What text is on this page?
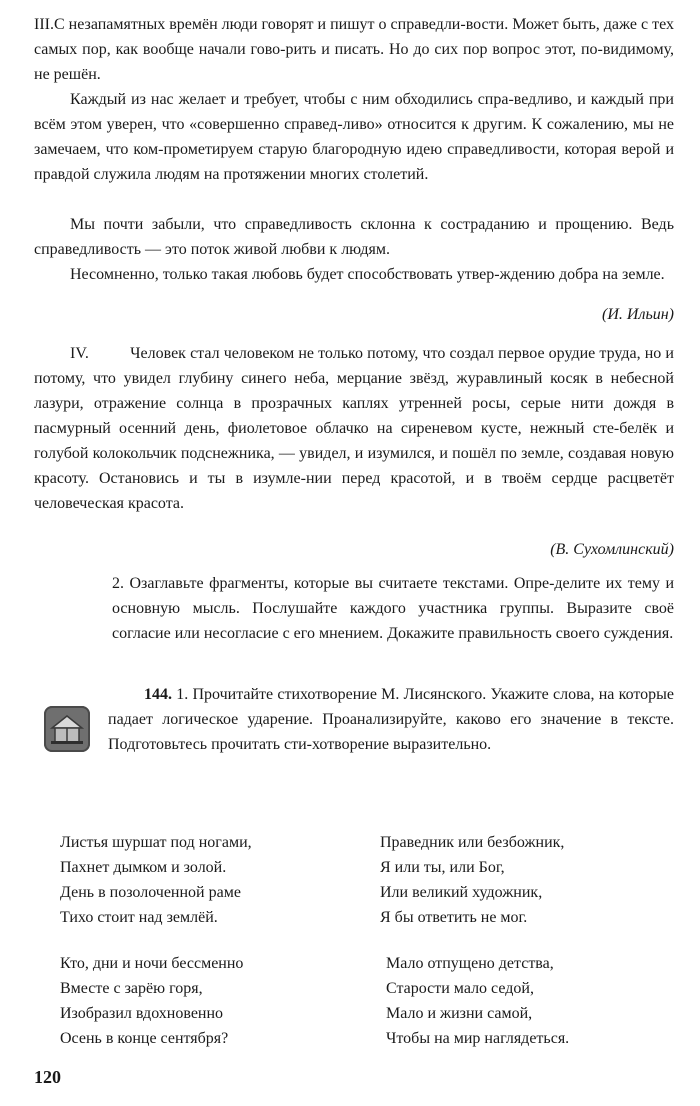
III.С незапамятных времён люди говорят и пишут о справедли-вости. Может быть, даже с тех самых пор, как вообще начали гово-рить и писать. Но до сих пор вопрос этот, по-видимому, не решён.
Каждый из нас желает и требует, чтобы с ним обходились спра-ведливо, и каждый при всём этом уверен, что «совершенно справед-ливо» относится к другим. К сожалению, мы не замечаем, что ком-прометируем старую благородную идею справедливости, которая верой и правдой служила людям на протяжении многих столетий.
Мы почти забыли, что справедливость склонна к состраданию и прощению. Ведь справедливость — это поток живой любви к людям.
Несомненно, только такая любовь будет способствовать утвер-ждению добра на земле.
(И. Ильин)
IV.          Человек стал человеком не только потому, что создал первое орудие труда, но и потому, что увидел глубину синего неба, мерцание звёзд, журавлиный косяк в небесной лазури, отражение солнца в прозрачных каплях утренней росы, серые нити дождя в пасмурный осенний день, фиолетовое облачко на сиреневом кусте, нежный сте-белёк и голубой колокольчик подснежника, — увидел, и изумился, и пошёл по земле, создавая новую красоту. Остановись и ты в изумле-нии перед красотой, и в твоём сердце расцветёт человеческая красота.
(В. Сухомлинский)
2. Озаглавьте фрагменты, которые вы считаете текстами. Опре-делите их тему и основную мысль. Послушайте каждого участника группы. Выразите своё согласие или несогласие с его мнением. Докажите правильность своего суждения.
144. 1. Прочитайте стихотворение М. Лисянского. Укажите слова, на которые падает логическое ударение. Проанализируйте, каково его значение в тексте. Подготовьтесь прочитать сти-хотворение выразительно.
Листья шуршат под ногами,
Пахнет дымком и золой.
День в позолоченной раме
Тихо стоит над землёй.
Кто, дни и ночи бессменно
Вместе с зарёю горя,
Изобразил вдохновенно
Осень в конце сентября?
Праведник или безбожник,
Я или ты, или Бог,
Или великий художник,
Я бы ответить не мог.
Мало отпущено детства,
Старости мало седой,
Мало и жизни самой,
Чтобы на мир наглядеться.
120
